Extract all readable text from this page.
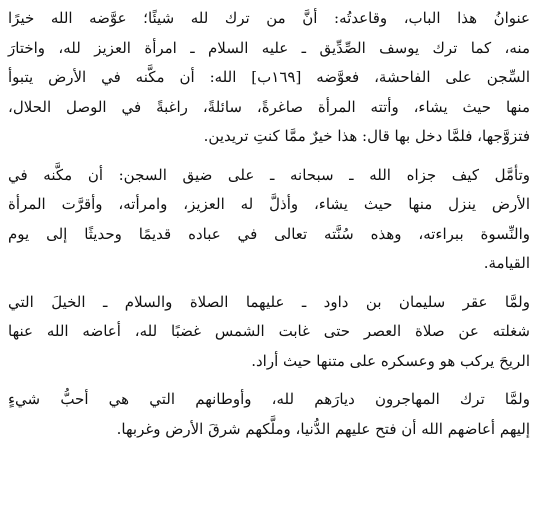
عنوانُ هذا الباب، وقاعدتُه: أنَّ من ترك لله شيئًا؛ عوَّضه الله خيرًا
منه، كما ترك يوسف الصِّدِّيق ـ عليه السلام ـ امرأة العزيز لله، واختارَ
السِّجن على الفاحشة، فعوَّضه [١٦٩ب] الله: أن مكَّنه في الأرض يتبوأ
منها حيث يشاء، وأتته المرأة صاغرةً، سائلةً، راغبةً في الوصل الحلال،
فتزوَّجها، فلمَّا دخل بها قال: هذا خيرٌ ممَّا كنتِ تريدين.

وتأمَّل كيف جزاه الله ـ سبحانه ـ على ضيق السجن: أن مكَّنه في
الأرض ينزل منها حيث يشاء، وأذلَّ له العزيز، وامرأته، وأقرَّت المرأة
والنِّسوة ببراءته، وهذه سُنَّته تعالى في عباده قديمًا وحديثًا إلى يوم
القيامة.

ولمَّا عقر سليمان بن داود ـ عليهما الصلاة والسلام ـ الخيلَ التي
شغلته عن صلاة العصر حتى غابت الشمس غضبًا لله، أعاضه الله عنها
الريحَ يركب هو وعسكره على متنها حيث أراد.

ولمَّا ترك المهاجرون ديارَهم لله، وأوطانهم التي هي أحبُّ شيءٍ
إليهم أعاضهم الله أن فتح عليهم الدُّنيا، وملَّكهم شرقَ الأرض وغربها.
